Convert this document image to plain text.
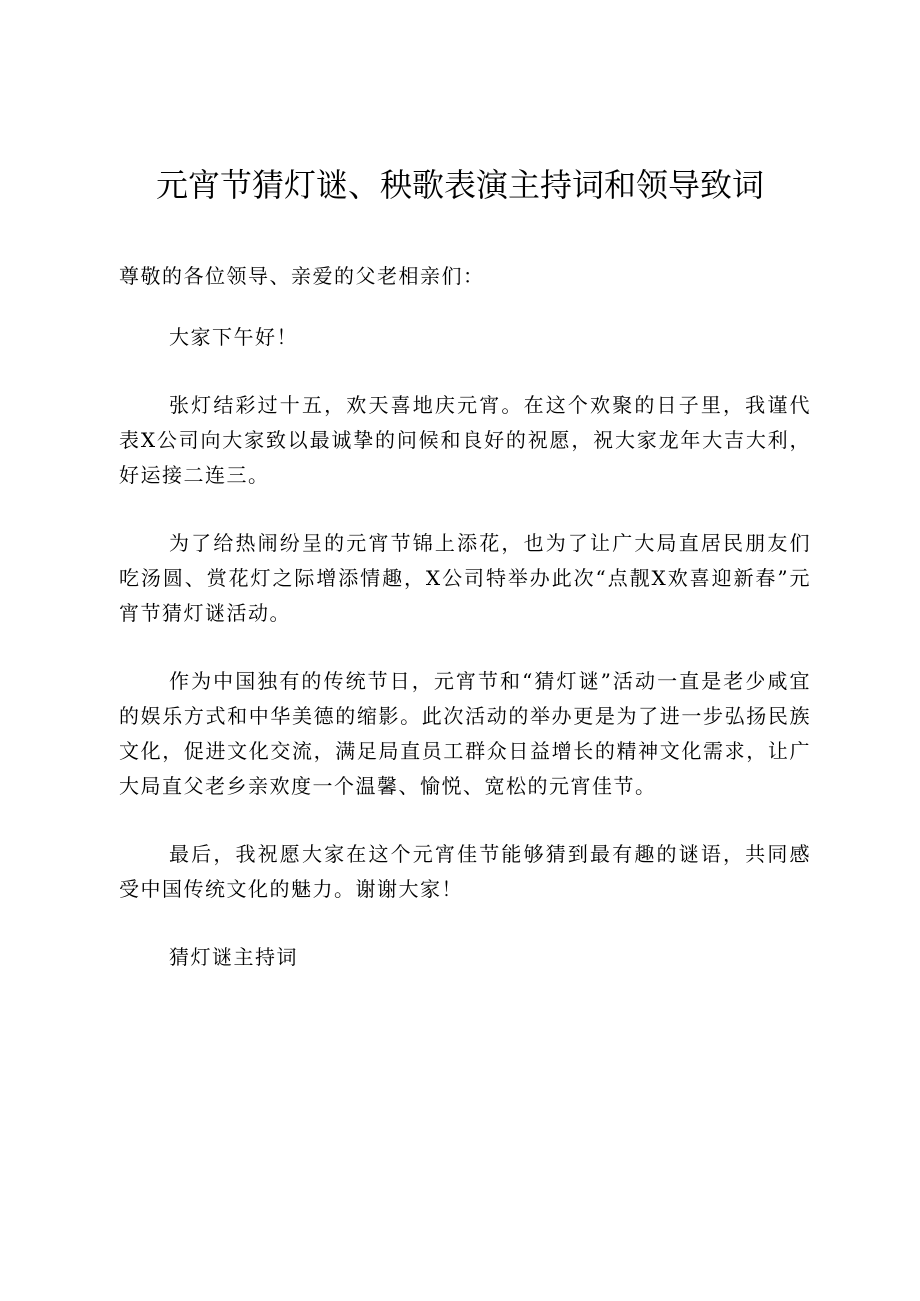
元宵节猜灯谜、秧歌表演主持词和领导致词

尊敬的各位领导、亲爱的父老相亲们：

大家下午好！

张灯结彩过十五，欢天喜地庆元宵。在这个欢聚的日子里，我谨代表X公司向大家致以最诚挚的问候和良好的祝愿，祝大家龙年大吉大利，好运接二连三。

为了给热闹纷呈的元宵节锦上添花，也为了让广大局直居民朋友们吃汤圆、赏花灯之际增添情趣，X公司特举办此次“点靓X欢喜迎新春”元宵节猜灯谜活动。

作为中国独有的传统节日，元宵节和“猜灯谜”活动一直是老少咸宜的娱乐方式和中华美德的缩影。此次活动的举办更是为了进一步弘扬民族文化，促进文化交流，满足局直员工群众日益增长的精神文化需求，让广大局直父老乡亲欢度一个温馨、愉悦、宽松的元宵佳节。

最后，我祝愿大家在这个元宵佳节能够猜到最有趣的谜语，共同感受中国传统文化的魅力。谢谢大家！

猜灯谜主持词
